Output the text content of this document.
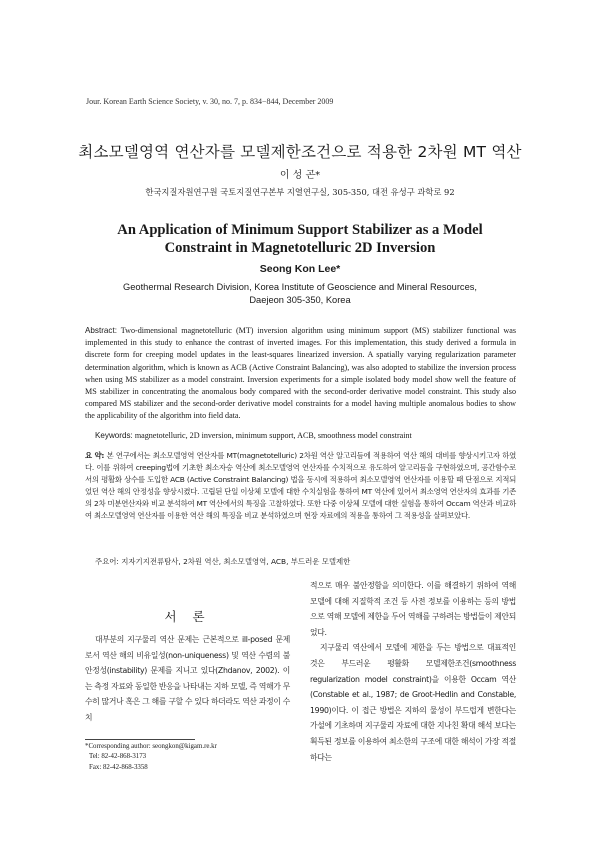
Jour. Korean Earth Science Society, v. 30, no. 7, p. 834−844, December 2009
최소모델영역 연산자를 모델제한조건으로 적용한 2차원 MT 역산
이 성 곤*
한국지질자원연구원 국토지질연구본부 지열연구실, 305-350, 대전 유성구 과학로 92
An Application of Minimum Support Stabilizer as a Model
Constraint in Magnetotelluric 2D Inversion
Seong Kon Lee*
Geothermal Research Division, Korea Institute of Geoscience and Mineral Resources,
Daejeon 305-350, Korea
Abstract: Two-dimensional magnetotelluric (MT) inversion algorithm using minimum support (MS) stabilizer functional was implemented in this study to enhance the contrast of inverted images. For this implementation, this study derived a formula in discrete form for creeping model updates in the least-squares linearized inversion. A spatially varying regularization parameter determination algorithm, which is known as ACB (Active Constraint Balancing), was also adopted to stabilize the inversion process when using MS stabilizer as a model constraint. Inversion experiments for a simple isolated body model show well the feature of MS stabilizer in concentrating the anomalous body compared with the second-order derivative model constraint. This study also compared MS stabilizer and the second-order derivative model constraints for a model having multiple anomalous bodies to show the applicability of the algorithm into field data.
Keywords: magnetotelluric, 2D inversion, minimum support, ACB, smoothness model constraint
요 약: 본 연구에서는 최소모델영역 연산자를 MT(magnetotelluric) 2차원 역산 알고리듬에 적용하여 역산 해의 대비를 향상시키고자 하였다. 이를 위하여 creeping법에 기초한 최소자승 역산에 최소모델영역 연산자를 수치적으로 유도하여 알고리듬을 구현하였으며, 공간함수로서의 평활화 상수를 도입한 ACB (Active Constraint Balancing) 법을 동시에 적용하여 최소모델영역 연산자를 이용할 때 단점으로 지적되었던 역산 해의 안정성을 향상시켰다. 고립된 단일 이상체 모델에 대한 수치실험을 통하여 MT 역산에 있어서 최소영역 연산자의 효과를 기존의 2차 미분연산자와 비교 분석하여 MT 역산에서의 특징을 고찰하였다. 또한 다중 이상체 모델에 대한 실험을 통하여 Occam 역산과 비교하여 최소모델영역 연산자를 이용한 역산 해의 특징을 비교 분석하였으며 현장 자료에의 적용을 통하여 그 적용성을 살펴보았다.
주요어: 지자기지전류탐사, 2차원 역산, 최소모델영역, ACB, 부드러운 모델제한
서 론

대부분의 지구물리 역산 문제는 근본적으로 ill-posed 문제로서 역산 해의 비유일성(non-uniqueness) 및 역산 수렴의 불안정성(instability) 문제를 지니고 있다(Zhdanov, 2002). 이는 측정 자료와 동일한 반응을 나타내는 지하 모델, 즉 역해가 무수히 많거나 혹은 그 해를 구할 수 있다 하더라도 역산 과정이 수치

적으로 매우 불안정함을 의미한다. 이를 해결하기 위하여 역해 모델에 대해 지질학적 조건 등 사전 정보를 이용하는 등의 방법으로 역해 모델에 제한을 두어 역해를 구하려는 방법들이 제안되었다.

지구물리 역산에서 모델에 제한을 두는 방법으로 대표적인 것은 부드러운 평활화 모델제한조건(smoothness regularization model constraint)을 이용한 Occam 역산(Constable et al., 1987; de Groot-Hedlin and Constable, 1990)이다. 이 접근 방법은 지하의 물성이 부드럽게 변한다는 가설에 기초하며 지구물리 자료에 대한 지나친 확대 해석 보다는 획득된 정보를 이용하여 최소한의 구조에 대한 해석이 가장 적절하다는

*Corresponding author: seongkon@kigam.re.kr
Tel: 82-42-868-3173
Fax: 82-42-868-3358
